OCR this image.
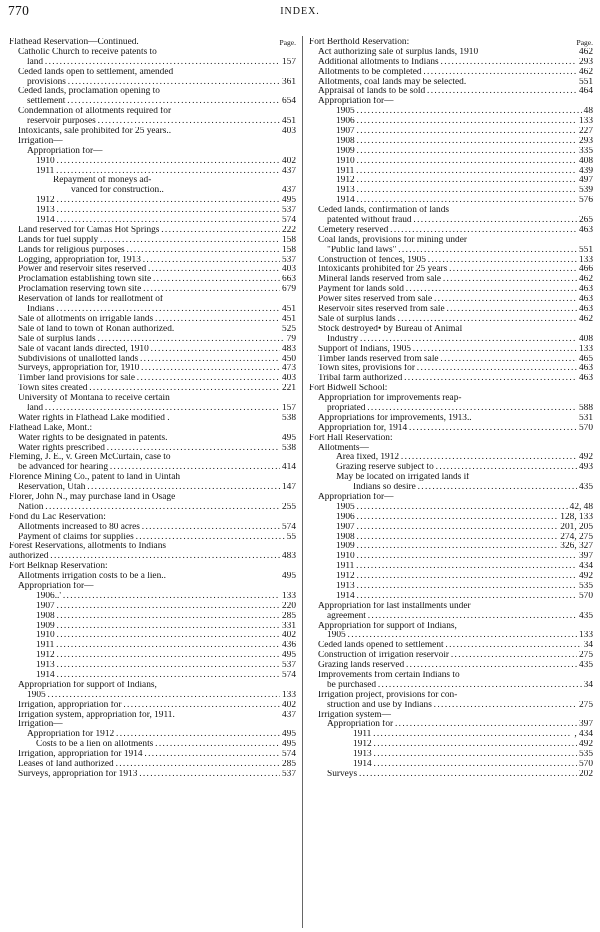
770	INDEX.
Flathead Reservation—Continued.	Page.
Catholic Church to receive patents to
land . . .	157
Ceded lands open to settlement, amended
provisions . . .	361
Ceded lands, proclamation opening to
settlement . . .	654
Condemnation of allotments required for
reservoir purposes . . .	451
Intoxicants, sale prohibited for 25 years..	403
Irrigation—
Appropriation for—
1910 . . .	402
1911 . . .	437
Repayment of moneys ad-
vanced for construction..	437
1912 . . .	495
1913 . . .	537
1914 . . .	574
Land reserved for Camas Hot Springs . . .	222
Lands for fuel supply . . .	158
Lands for religious purposes . . .	158
Logging, appropriation for, 1913 . . .	537
Power and reservoir sites reserved . . .	403
Proclamation establishing town site . . .	663
Proclamation reserving town site . . .	679
Reservation of lands for reallotment of
Indians . . .	451
Sale of allotments on irrigable lands . . .	451
Sale of land to town of Ronan authorized.	525
Sale of surplus lands . . .	79
Sale of vacant lands directed, 1910 . . .	483
Subdivisions of unallotted lands . . .	450
Surveys, appropriation for, 1910 . . .	473
Timber land provisions for sale . . .	403
Town sites created . . .	221
University of Montana to receive certain
land . . .	157
Water rights in Flathead Lake modified .	538
Flathead Lake, Mont.:
Water rights to be designated in patents.	495
Water rights prescribed . . .	538
Fleming, J. E., v. Green McCurtain, case to
be advanced for hearing . . .	414
Florence Mining Co., patent to land in Uintah
Reservation, Utah . . .	147
Florer, John N., may purchase land in Osage
Nation . . .	255
Fond du Lac Reservation:
Allotments increased to 80 acres . . .	574
Payment of claims for supplies . . .	55
Forest Reservations, allotments to Indians
authorized . . .	483
Fort Belknap Reservation:
Allotments irrigation costs to be a lien..	495
Appropriation for—
1906..' . . .	133
1907 . . .	220
1908 . . .	285
1909 . . .	331
1910 . . .	402
1911 . . .	436
1912 . . .	495
1913 . . .	537
1914 . . .	574
Appropriation for support of Indians,
1905 . . .	133
Irrigation, appropriation for . . .	402
Irrigation system, appropriation for, 1911.	437
Irrigation—
Appropriation for 1912 . . .	495
Costs to be a lien on allotments . . .	495
Irrigation, appropriation for 1914 . . .	574
Leases of land authorized . . .	285
Surveys, appropriation for 1913 . . .	537
Fort Berthold Reservation:	Page.
Act authorizing sale of surplus lands, 1910	462
Additional allotments to Indians . . .	293
Allotments to be completed . . .	462
Allotments, coal lands may be selected.	551
Appraisal of lands to be sold . . .	464
Appropriation for—
1905 . . .	48
1906 . . .	133
1907 . . .	227
1908 . . .	293
1909 . . .	335
1910 . . .	408
1911 . . .	439
1912 . . .	497
1913 . . .	539
1914 . . .	576
Ceded lands, confirmation of lands
patented without fraud . . .	265
Cemetery reserved . . .	463
Coal lands, provisions for mining under
"Public land laws" . . .	551
Construction of fences, 1905 . . .	133
Intoxicants prohibited for 25 years . . .	466
Mineral lands reserved from sale . . .	462
Payment for lands sold . . .	463
Power sites reserved from sale . . .	463
Reservoir sites reserved from sale . . .	463
Sale of surplus lands . . .	462
Stock destroyed• by Bureau of Animal
Industry . . .	408
Support of Indians, 1905 . . .	133
Timber lands reserved from sale . . .	465
Town sites, provisions for . . .	463
Tribal farm authorized . . .	463
Fort Bidwell School:
Appropriation for improvements reap-
propriated . . .	588
Appropriations for improvements, 1913..	531
Appropriation for, 1914 . . .	570
Fort Hall Reservation:
Allotments—
Area fixed, 1912 . . .	492
Grazing reserve subject to . . .	493
May be located on irrigated lands if
Indians so desire . . .	435
Appropriation for—
1905 . . .	42, 48
1906 . . .	128, 133
1907 . . .	201, 205
1908 . . .	274, 275
1909 . . .	326, 327
1910 . . .	397
1911 . . .	434
1912 . . .	492
1913 . . .	535
1914 . . .	570
Appropriation for last installments under
agreement . . .	435
Appropriation for support of Indians,
1905 . . .	133
Ceded lands opened to settlement . . .	34
Construction of irrigation reservoir . . .	275
Grazing lands reserved . . .	435
Improvements from certain Indians to
be purchased . . .	34
Irrigation project, provisions for con-
struction and use by Indians . . .	275
Irrigation system—
Appropriation for . . .	397
1911 . . .	, 434
1912 . . .	492
1913 . . .	535
1914 . . .	570
Surveys . . .	202
